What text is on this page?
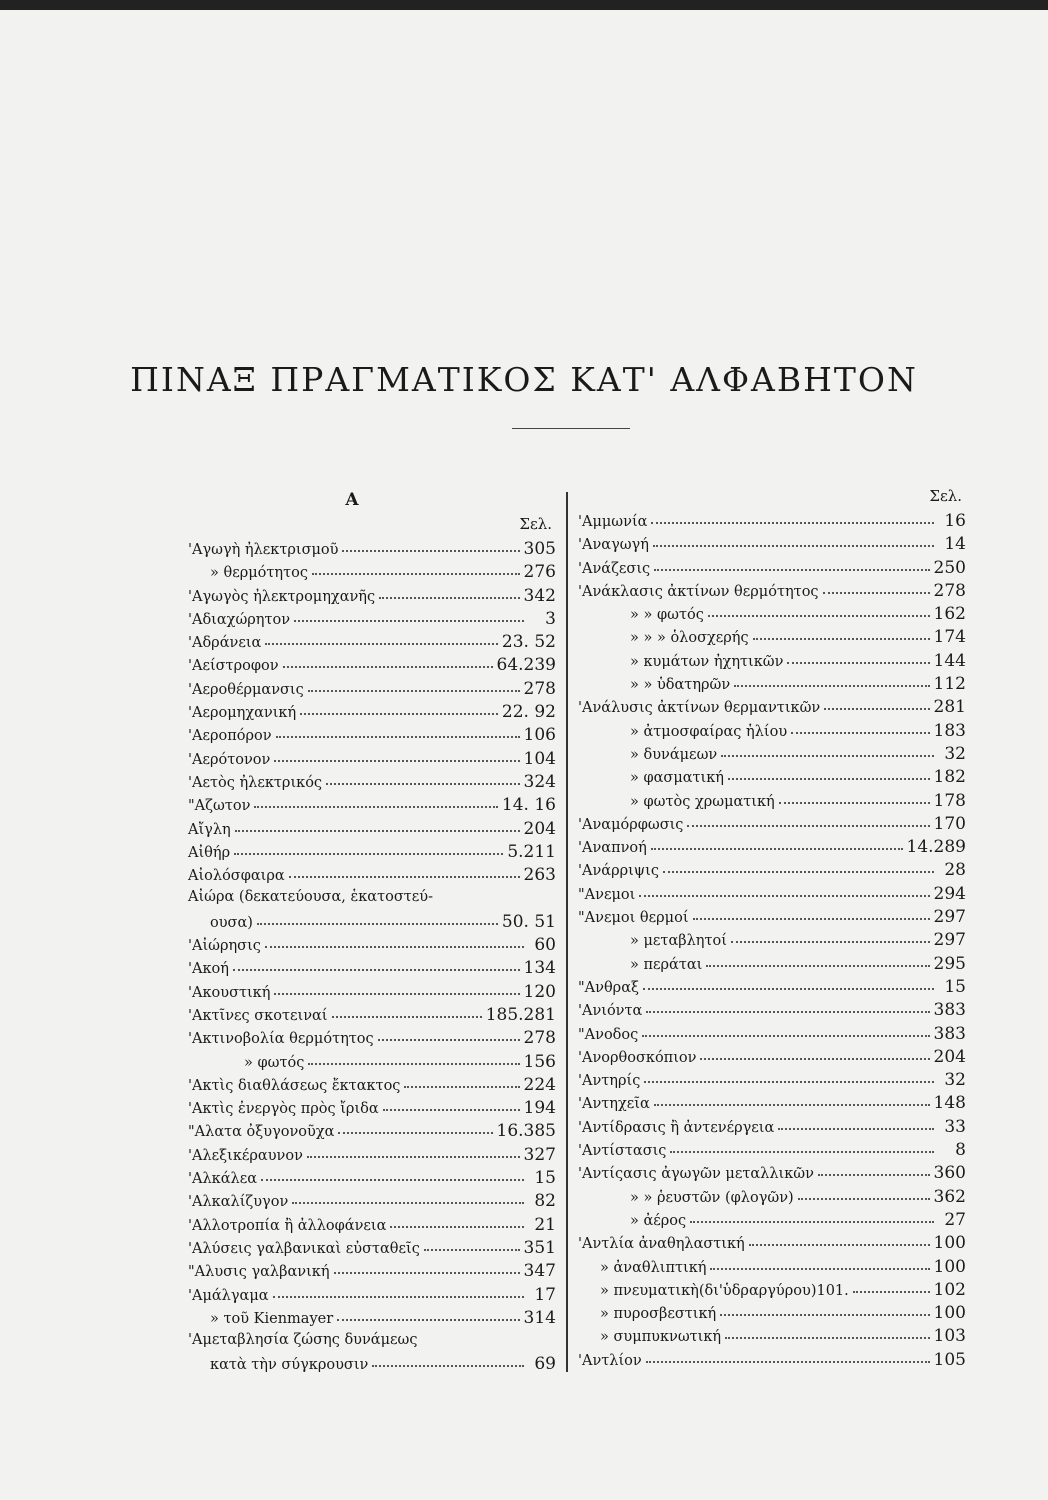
ΠΙΝΑΞ ΠΡΑΓΜΑΤΙΚΟΣ ΚΑΤ' ΑΛΦΑΒΗΤΟΝ
Α
Σελ.
'Αγωγὴ ἠλεκτρισμοῦ	305
» θερμότητος	276
'Αγωγὸς ἠλεκτρομηχανῆς	342
'Αδιαχώρητον	3
'Αδράνεια	23. 52
'Αείστροφον	64.239
'Αεροθέρμανσις	278
'Αερομηχανική	22. 92
'Αεροπόρον	106
'Αερότονον	104
'Αετὸς ἠλεκτρικός	324
"Αζωτον	14. 16
Αἴγλη	204
Αἰθήρ	5.211
Αἰολόσφαιρα	263
Αἰώρα (δεκατεύουσα, ἑκατοστεύ-
ουσα)	50. 51
'Αἰώρησις	60
'Ακοή	134
'Ακουστική	120
'Ακτῖνες σκοτειναί	185.281
'Ακτινοβολία θερμότητος	278
» φωτός	156
'Ακτὶς διαθλάσεως ἔκτακτος	224
'Ακτὶς ἐνεργὸς πρὸς ἴριδα	194
"Αλατα ὀξυγονοῦχα	16.385
'Αλεξικέραυνον	327
'Αλκάλεα	15
'Αλκαλίζυγον	82
'Αλλοτροπία ἢ ἀλλοφάνεια	21
'Αλύσεις γαλβανικαὶ εὐσταθεῖς	351
"Αλυσις γαλβανική	347
'Αμάλγαμα	17
» τοῦ Kienmayer	314
'Αμεταβλησία ζώσης δυνάμεως
κατὰ τὴν σύγκρουσιν	69
Σελ.
'Αμμωνία	16
'Αναγωγή	14
'Ανάζεσις	250
'Ανάκλασις ἀκτίνων θερμότητος	278
» » φωτός	162
» » » ὁλοσχερής	174
» κυμάτων ἠχητικῶν	144
» » ὑδατηρῶν	112
'Ανάλυσις ἀκτίνων θερμαντικῶν	281
» ἀτμοσφαίρας ἡλίου	183
» δυνάμεων	32
» φασματική	182
» φωτὸς χρωματική	178
'Αναμόρφωσις	170
'Αναπνοή	14.289
'Ανάρριψις	28
"Ανεμοι	294
"Ανεμοι θερμοί	297
» μεταβλητοί	297
» περάται	295
"Ανθραξ	15
'Ανιόντα	383
"Ανοδος	383
'Ανορθοσκόπιον	204
'Αντηρίς	32
'Αντηχεῖα	148
'Αντίδρασις ἢ ἀντενέργεια	33
'Αντίστασις	8
'Αντίςασις ἀγωγῶν μεταλλικῶν	360
» » ῥευστῶν (φλογῶν)	362
» ἀέρος	27
'Αντλία ἀναθηλαστική	100
» ἀναθλιπτική	100
» πνευματικὴ(δι'ὑδραργύρου)101.	102
» πυροσβεστική	100
» συμπυκνωτική	103
'Αντλίον	105
